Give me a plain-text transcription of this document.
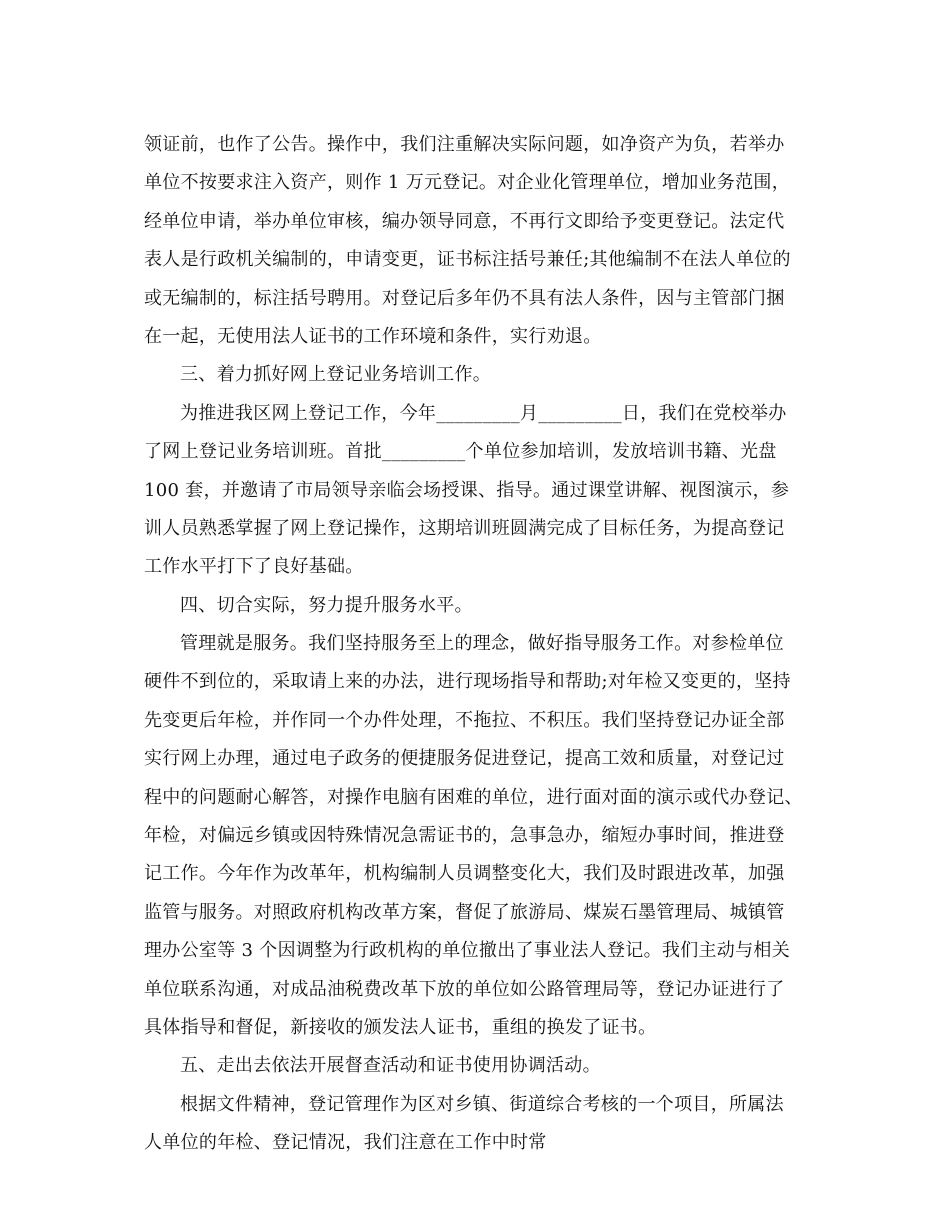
领证前，也作了公告。操作中，我们注重解决实际问题，如净资产为负，若举办
单位不按要求注入资产，则作 1 万元登记。对企业化管理单位，增加业务范围，
经单位申请，举办单位审核，编办领导同意，不再行文即给予变更登记。法定代
表人是行政机关编制的，申请变更，证书标注括号兼任;其他编制不在法人单位的
或无编制的，标注括号聘用。对登记后多年仍不具有法人条件，因与主管部门捆
在一起，无使用法人证书的工作环境和条件，实行劝退。
三、着力抓好网上登记业务培训工作。
为推进我区网上登记工作，今年_________月_________日，我们在党校举办
了网上登记业务培训班。首批_________个单位参加培训，发放培训书籍、光盘
100 套，并邀请了市局领导亲临会场授课、指导。通过课堂讲解、视图演示，参
训人员熟悉掌握了网上登记操作，这期培训班圆满完成了目标任务，为提高登记
工作水平打下了良好基础。
四、切合实际，努力提升服务水平。
管理就是服务。我们坚持服务至上的理念，做好指导服务工作。对参检单位
硬件不到位的，采取请上来的办法，进行现场指导和帮助;对年检又变更的，坚持
先变更后年检，并作同一个办件处理，不拖拉、不积压。我们坚持登记办证全部
实行网上办理，通过电子政务的便捷服务促进登记，提高工效和质量，对登记过
程中的问题耐心解答，对操作电脑有困难的单位，进行面对面的演示或代办登记、
年检，对偏远乡镇或因特殊情况急需证书的，急事急办，缩短办事时间，推进登
记工作。今年作为改革年，机构编制人员调整变化大，我们及时跟进改革，加强
监管与服务。对照政府机构改革方案，督促了旅游局、煤炭石墨管理局、城镇管
理办公室等 3 个因调整为行政机构的单位撤出了事业法人登记。我们主动与相关
单位联系沟通，对成品油税费改革下放的单位如公路管理局等，登记办证进行了
具体指导和督促，新接收的颁发法人证书，重组的换发了证书。
五、走出去依法开展督查活动和证书使用协调活动。
根据文件精神，登记管理作为区对乡镇、街道综合考核的一个项目，所属法
人单位的年检、登记情况，我们注意在工作中时常
